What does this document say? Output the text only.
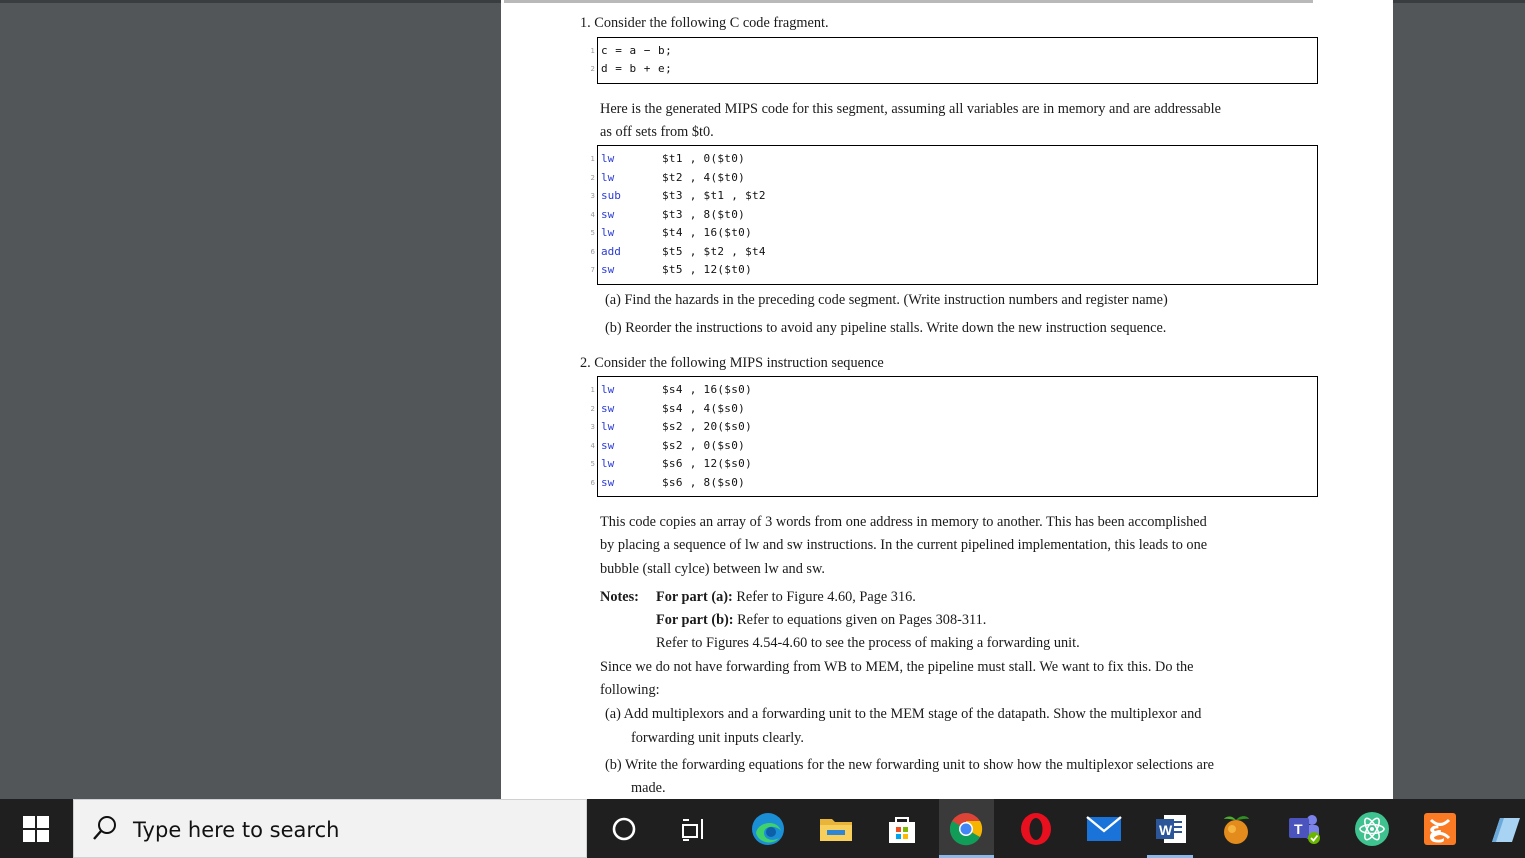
1. Consider the following C code fragment.
1 c = a − b;
2 d = b + e;
Here is the generated MIPS code for this segment, assuming all variables are in memory and are addressable
as off sets from $t0.
1 lw	$t1 , 0($t0)
2 lw	$t2 , 4($t0)
3 sub	$t3 , $t1 , $t2
4 sw	$t3 , 8($t0)
5 lw	$t4 , 16($t0)
6 add	$t5 , $t2 , $t4
7 sw	$t5 , 12($t0)
(a) Find the hazards in the preceding code segment. (Write instruction numbers and register name)
(b) Reorder the instructions to avoid any pipeline stalls. Write down the new instruction sequence.
2. Consider the following MIPS instruction sequence
1 lw	$s4 , 16($s0)
2 sw	$s4 , 4($s0)
3 lw	$s2 , 20($s0)
4 sw	$s2 , 0($s0)
5 lw	$s6 , 12($s0)
6 sw	$s6 , 8($s0)
This code copies an array of 3 words from one address in memory to another. This has been accomplished
by placing a sequence of lw and sw instructions. In the current pipelined implementation, this leads to one
bubble (stall cylce) between lw and sw.
Notes: For part (a): Refer to Figure 4.60, Page 316.
For part (b): Refer to equations given on Pages 308-311.
Refer to Figures 4.54-4.60 to see the process of making a forwarding unit.
Since we do not have forwarding from WB to MEM, the pipeline must stall. We want to fix this. Do the
following:
(a) Add multiplexors and a forwarding unit to the MEM stage of the datapath. Show the multiplexor and
forwarding unit inputs clearly.
(b) Write the forwarding equations for the new forwarding unit to show how the multiplexor selections are
made.
Type here to search	W	T	ع
